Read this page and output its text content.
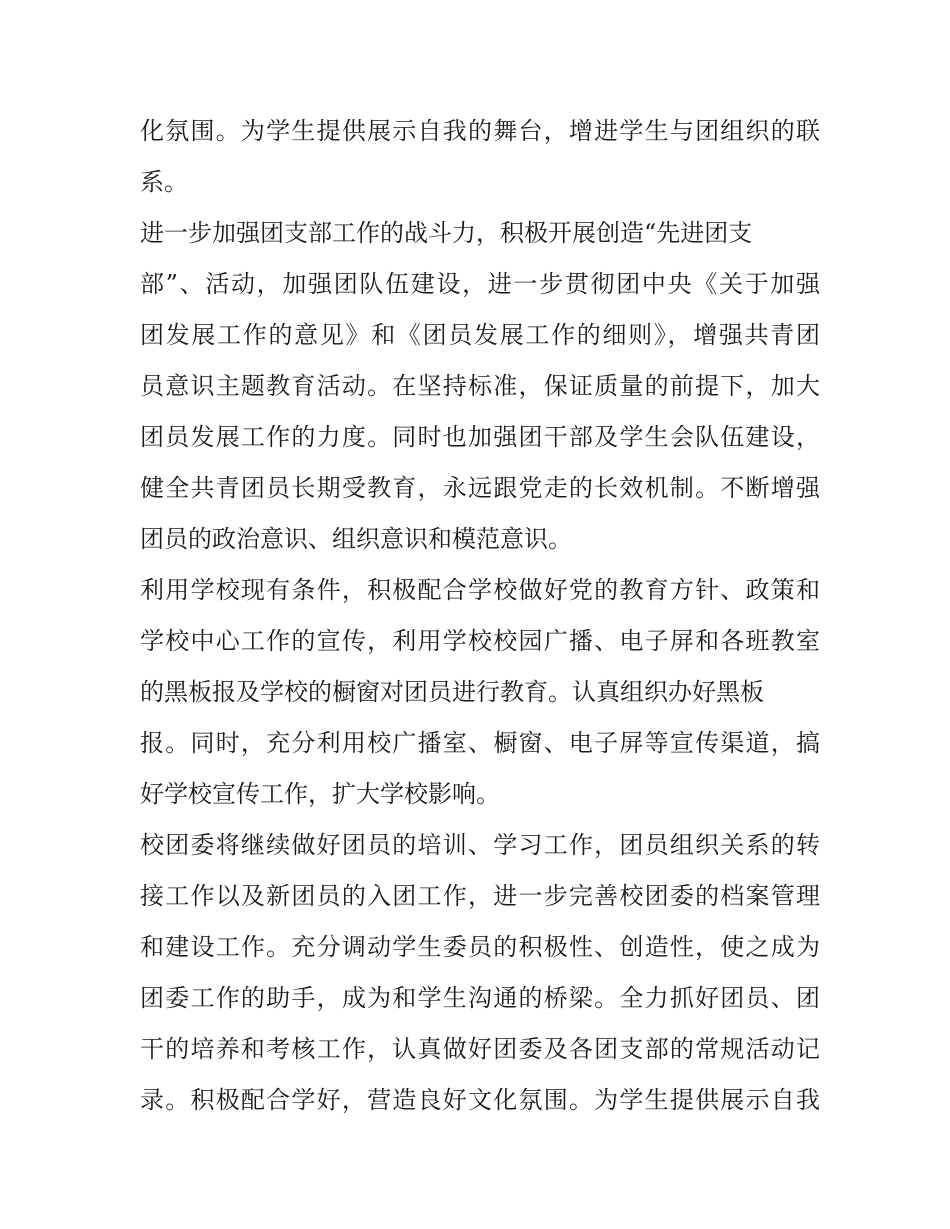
化氛围。为学生提供展示自我的舞台，增进学生与团组织的联
系。
进一步加强团支部工作的战斗力，积极开展创造“先进团支
部”、活动，加强团队伍建设，进一步贯彻团中央《关于加强
团发展工作的意见》和《团员发展工作的细则》，增强共青团
员意识主题教育活动。在坚持标准，保证质量的前提下，加大
团员发展工作的力度。同时也加强团干部及学生会队伍建设，
健全共青团员长期受教育，永远跟党走的长效机制。不断增强
团员的政治意识、组织意识和模范意识。
利用学校现有条件，积极配合学校做好党的教育方针、政策和
学校中心工作的宣传，利用学校校园广播、电子屏和各班教室
的黑板报及学校的橱窗对团员进行教育。认真组织办好黑板
报。同时，充分利用校广播室、橱窗、电子屏等宣传渠道，搞
好学校宣传工作，扩大学校影响。
校团委将继续做好团员的培训、学习工作，团员组织关系的转
接工作以及新团员的入团工作，进一步完善校团委的档案管理
和建设工作。充分调动学生委员的积极性、创造性，使之成为
团委工作的助手，成为和学生沟通的桥梁。全力抓好团员、团
干的培养和考核工作，认真做好团委及各团支部的常规活动记
录。积极配合学好，营造良好文化氛围。为学生提供展示自我
